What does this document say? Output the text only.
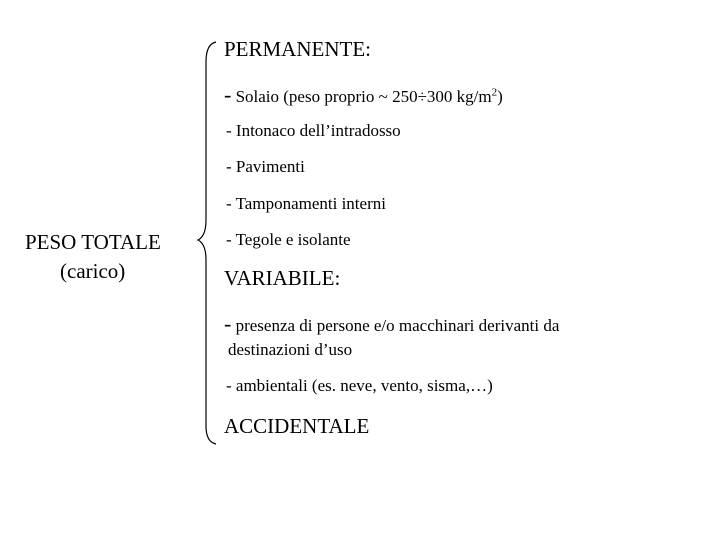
PESO TOTALE
(carico)
PERMANENTE:
- Solaio (peso proprio ~ 250÷300 $kg/m^2$)
- Intonaco dell’intradosso
- Pavimenti
- Tamponamenti interni
- Tegole e isolante
VARIABILE:
- presenza di persone e/o macchinari derivanti da
destinazioni d’uso
- ambientali (es. neve, vento, sisma,…)
ACCIDENTALE
